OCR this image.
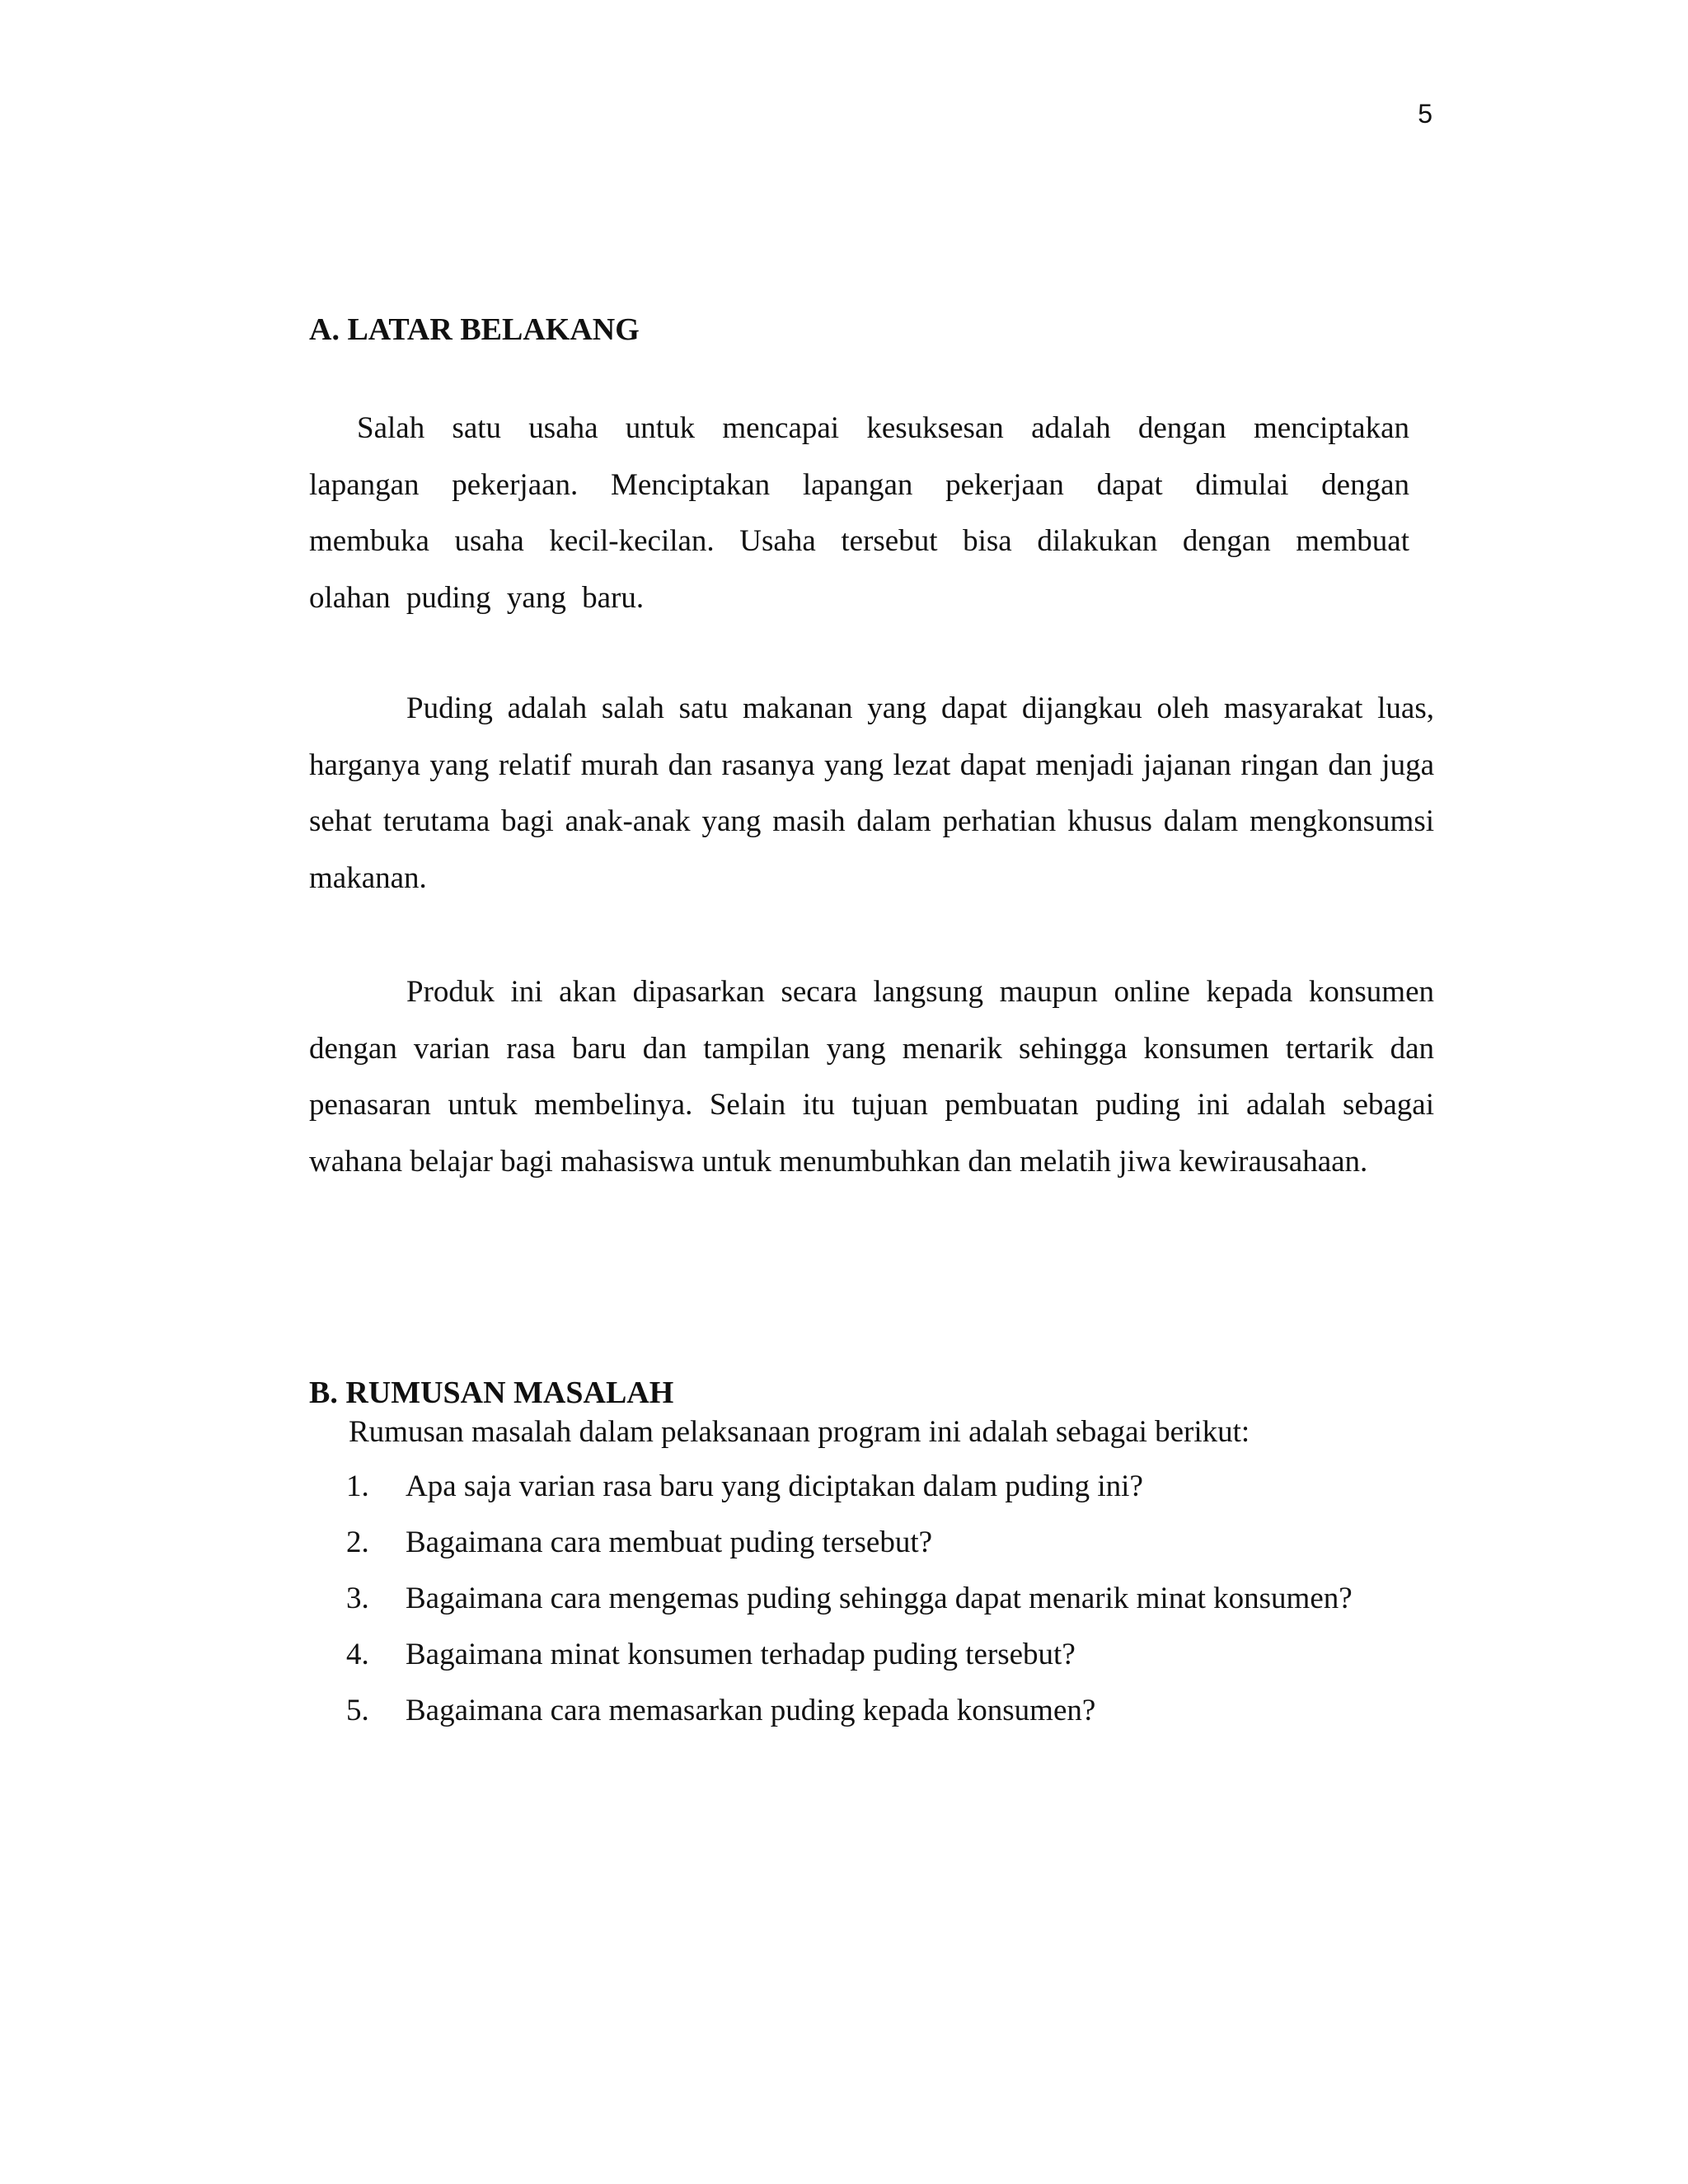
5
A. LATAR BELAKANG

Salah satu usaha untuk mencapai kesuksesan adalah dengan menciptakan lapangan pekerjaan. Menciptakan lapangan pekerjaan dapat dimulai dengan membuka usaha kecil-kecilan. Usaha tersebut bisa dilakukan dengan membuat olahan puding yang baru.

Puding adalah salah satu makanan yang dapat dijangkau oleh masyarakat luas, harganya yang relatif murah dan rasanya yang lezat dapat menjadi jajanan ringan dan juga sehat terutama bagi anak-anak yang masih dalam perhatian khusus dalam mengkonsumsi makanan.

Produk ini akan dipasarkan secara langsung maupun online kepada konsumen dengan varian rasa baru dan tampilan yang menarik sehingga konsumen tertarik dan penasaran untuk membelinya. Selain itu tujuan pembuatan puding ini adalah sebagai wahana belajar bagi mahasiswa untuk menumbuhkan dan melatih jiwa kewirausahaan.

B. RUMUSAN MASALAH

Rumusan masalah dalam pelaksanaan program ini adalah sebagai berikut:

1.	Apa saja varian rasa baru yang diciptakan dalam puding ini?
2.	Bagaimana cara membuat puding tersebut?
3.	Bagaimana cara mengemas puding sehingga dapat menarik minat konsumen?
4.	Bagaimana minat konsumen terhadap puding tersebut?
5.	Bagaimana cara memasarkan puding kepada konsumen?
